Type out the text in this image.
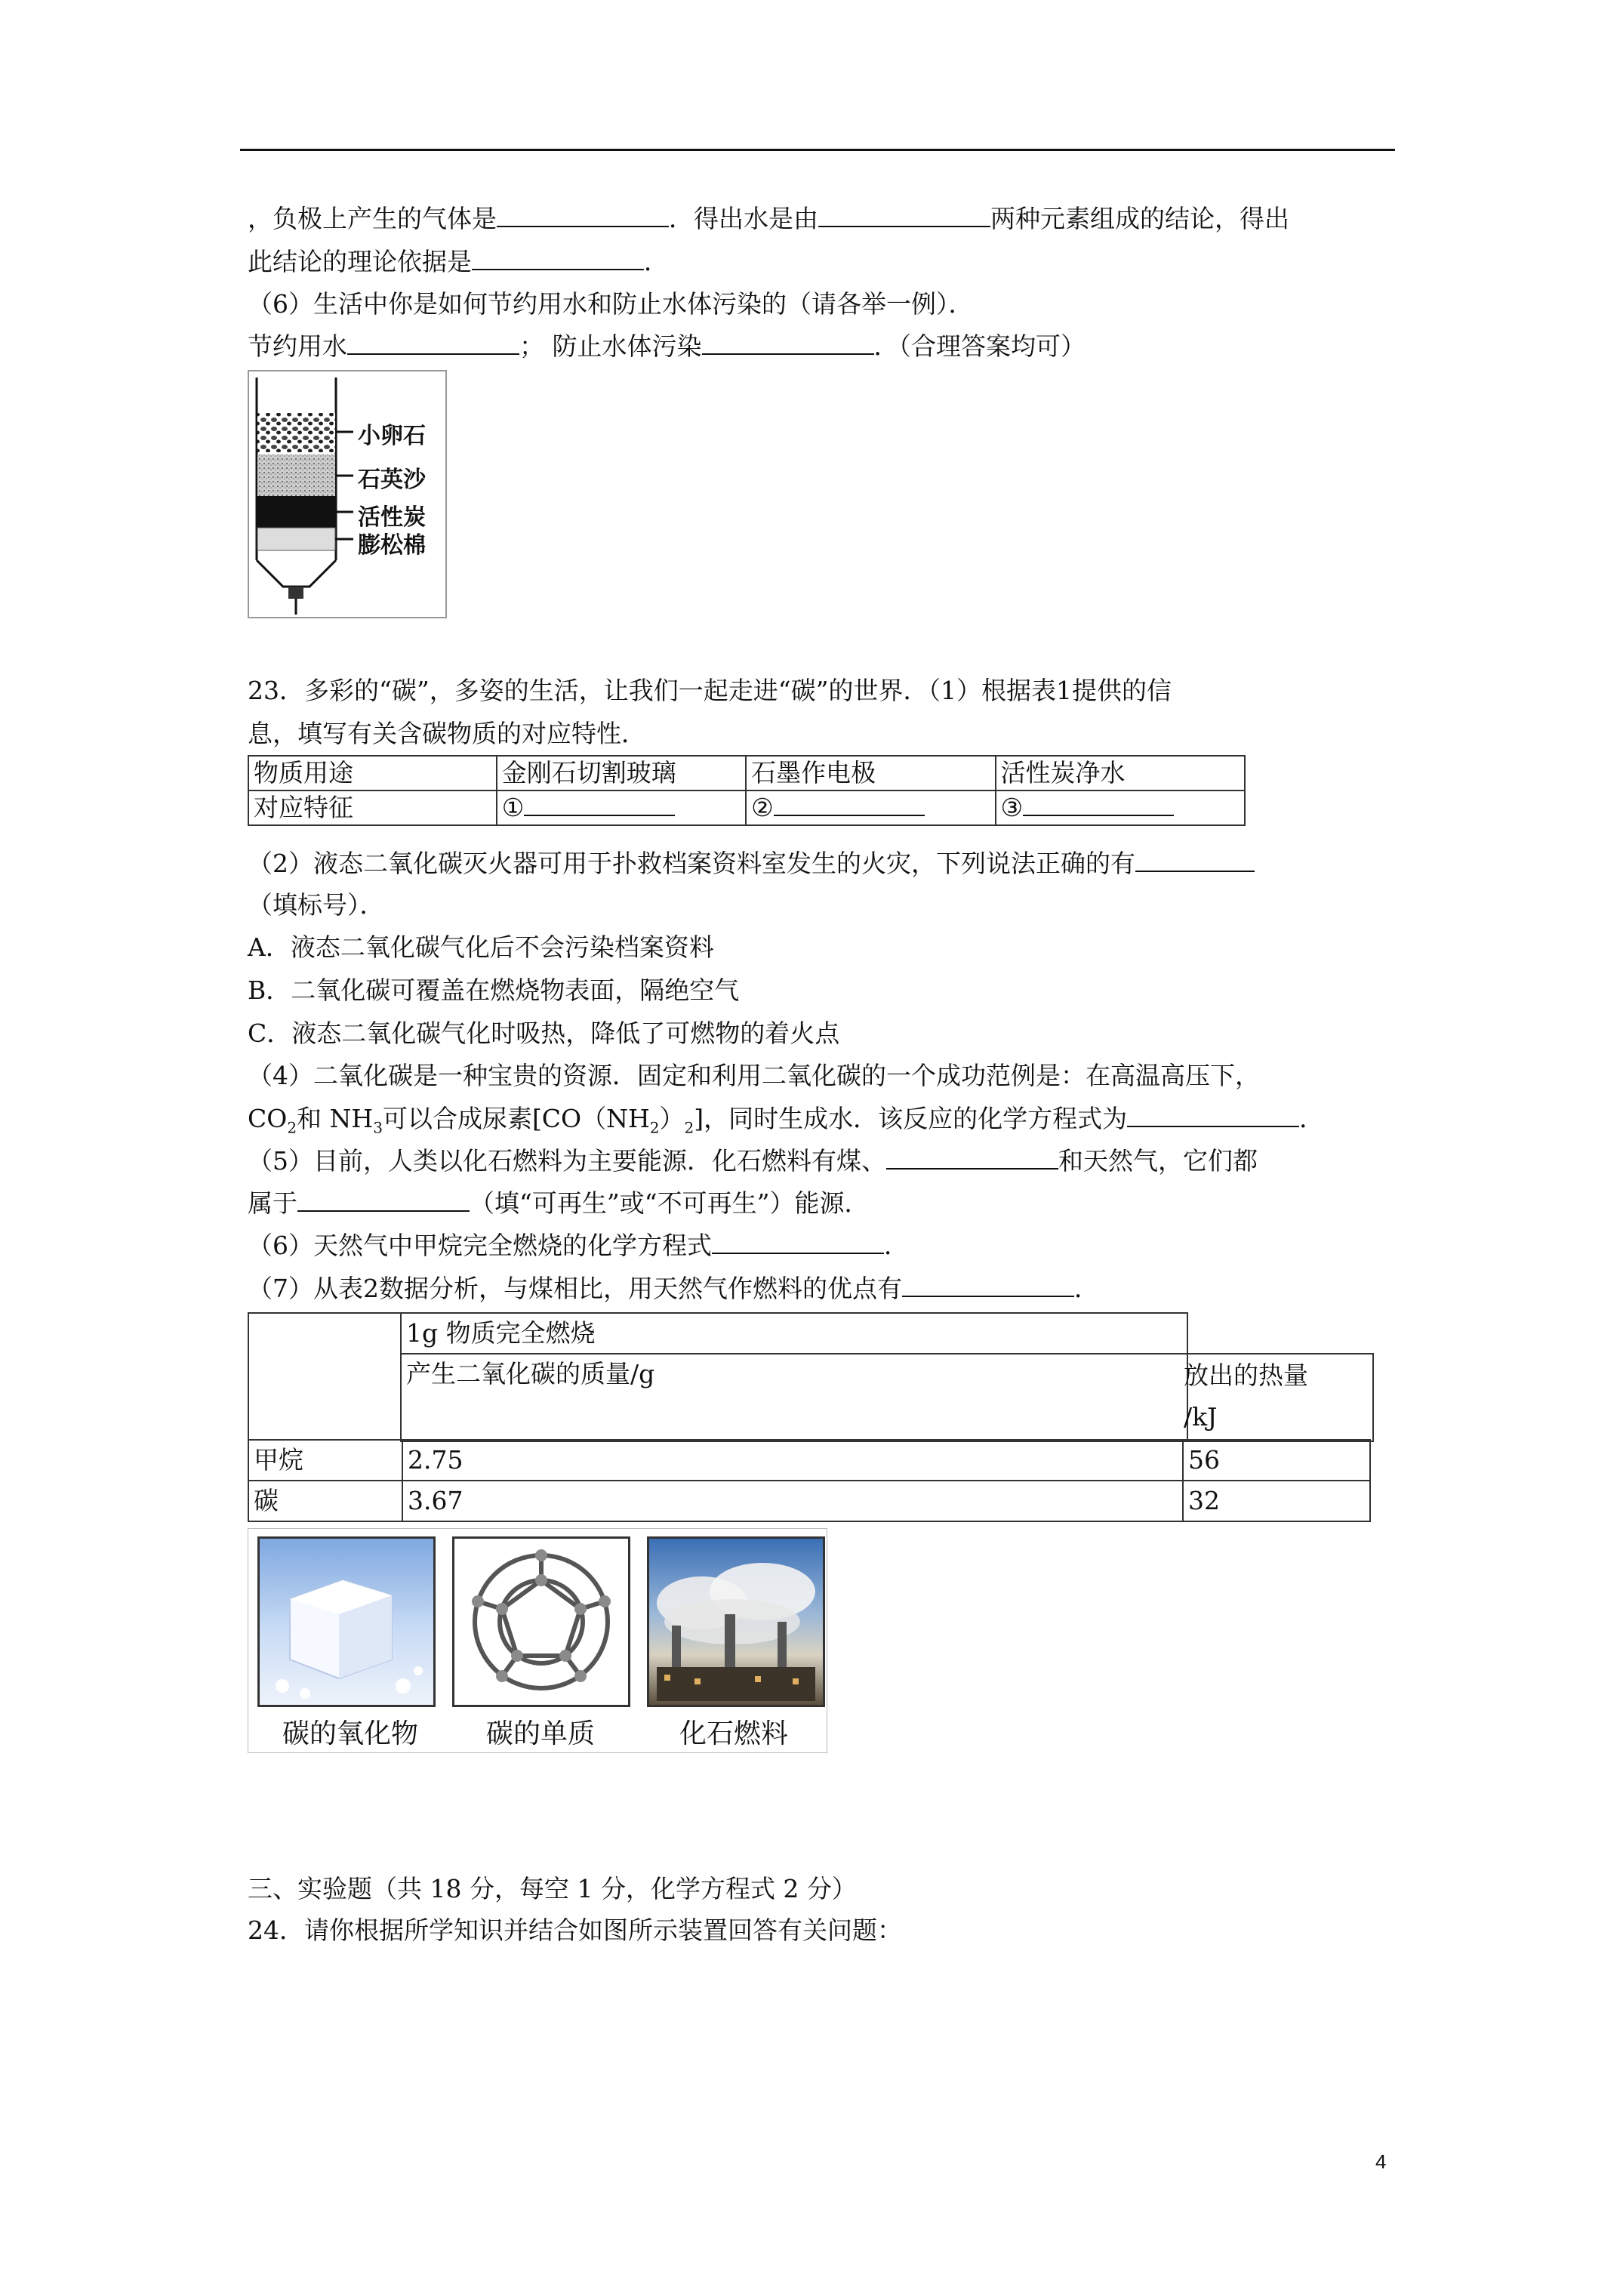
，负极上产生的气体是	．得出水是由	两种元素组成的结论，得出
此结论的理论依据是	．
（6）生活中你是如何节约用水和防止水体污染的（请各举一例）．
节约用水	； 防止水体污染	．（合理答案均可）
小卵石
石英沙
活性炭
膨松棉
23．多彩的“碳”，多姿的生活，让我们一起走进“碳”的世界．（1）根据表1提供的信
息，填写有关含碳物质的对应特性．
物质用途	金刚石切割玻璃	石墨作电极	活性炭净水
对应特征	①	②	③
（2）液态二氧化碳灭火器可用于扑救档案资料室发生的火灾，下列说法正确的有
（填标号）．
A．液态二氧化碳气化后不会污染档案资料
B．二氧化碳可覆盖在燃烧物表面，隔绝空气
C．液态二氧化碳气化时吸热，降低了可燃物的着火点
（4）二氧化碳是一种宝贵的资源．固定和利用二氧化碳的一个成功范例是：在高温高压下，
$CO_2$和 $NH_3$可以合成尿素$[CO(NH_2)_2]$，同时生成水．该反应的化学方程式为	．
（5）目前，人类以化石燃料为主要能源．化石燃料有煤、	和天然气，它们都
属于	（填“可再生”或“不可再生”）能源．
（6）天然气中甲烷完全燃烧的化学方程式	．
（7）从表2数据分析，与煤相比，用天然气作燃料的优点有	．
1g 物质完全燃烧
产生二氧化碳的质量/g	放出的热量
/kJ
甲烷	2.75	56
碳	3.67	32
碳的氧化物	碳的单质	化石燃料
三、实验题（共 18 分，每空 1 分，化学方程式 2 分）
24．请你根据所学知识并结合如图所示装置回答有关问题：
4
